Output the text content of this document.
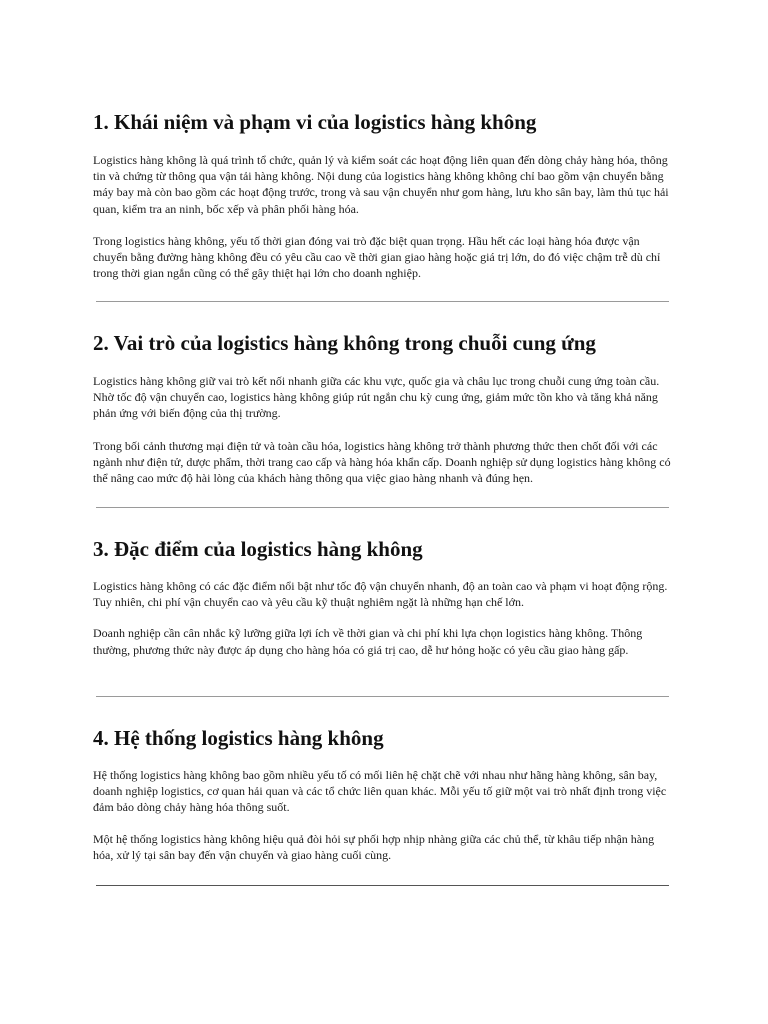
1. Khái niệm và phạm vi của logistics hàng không

Logistics hàng không là quá trình tổ chức, quản lý và kiểm soát các hoạt động liên quan đến dòng chảy hàng hóa, thông tin và chứng từ thông qua vận tải hàng không. Nội dung của logistics hàng không không chỉ bao gồm vận chuyển bằng máy bay mà còn bao gồm các hoạt động trước, trong và sau vận chuyển như gom hàng, lưu kho sân bay, làm thủ tục hải quan, kiểm tra an ninh, bốc xếp và phân phối hàng hóa.

Trong logistics hàng không, yếu tố thời gian đóng vai trò đặc biệt quan trọng. Hầu hết các loại hàng hóa được vận chuyển bằng đường hàng không đều có yêu cầu cao về thời gian giao hàng hoặc giá trị lớn, do đó việc chậm trễ dù chỉ trong thời gian ngắn cũng có thể gây thiệt hại lớn cho doanh nghiệp.

2. Vai trò của logistics hàng không trong chuỗi cung ứng

Logistics hàng không giữ vai trò kết nối nhanh giữa các khu vực, quốc gia và châu lục trong chuỗi cung ứng toàn cầu. Nhờ tốc độ vận chuyển cao, logistics hàng không giúp rút ngắn chu kỳ cung ứng, giảm mức tồn kho và tăng khả năng phản ứng với biến động của thị trường.

Trong bối cảnh thương mại điện tử và toàn cầu hóa, logistics hàng không trở thành phương thức then chốt đối với các ngành như điện tử, dược phẩm, thời trang cao cấp và hàng hóa khẩn cấp. Doanh nghiệp sử dụng logistics hàng không có thể nâng cao mức độ hài lòng của khách hàng thông qua việc giao hàng nhanh và đúng hẹn.

3. Đặc điểm của logistics hàng không

Logistics hàng không có các đặc điểm nổi bật như tốc độ vận chuyển nhanh, độ an toàn cao và phạm vi hoạt động rộng. Tuy nhiên, chi phí vận chuyển cao và yêu cầu kỹ thuật nghiêm ngặt là những hạn chế lớn.

Doanh nghiệp cần cân nhắc kỹ lưỡng giữa lợi ích về thời gian và chi phí khi lựa chọn logistics hàng không. Thông thường, phương thức này được áp dụng cho hàng hóa có giá trị cao, dễ hư hỏng hoặc có yêu cầu giao hàng gấp.

4. Hệ thống logistics hàng không

Hệ thống logistics hàng không bao gồm nhiều yếu tố có mối liên hệ chặt chẽ với nhau như hãng hàng không, sân bay, doanh nghiệp logistics, cơ quan hải quan và các tổ chức liên quan khác. Mỗi yếu tố giữ một vai trò nhất định trong việc đảm bảo dòng chảy hàng hóa thông suốt.

Một hệ thống logistics hàng không hiệu quả đòi hỏi sự phối hợp nhịp nhàng giữa các chủ thể, từ khâu tiếp nhận hàng hóa, xử lý tại sân bay đến vận chuyển và giao hàng cuối cùng.
